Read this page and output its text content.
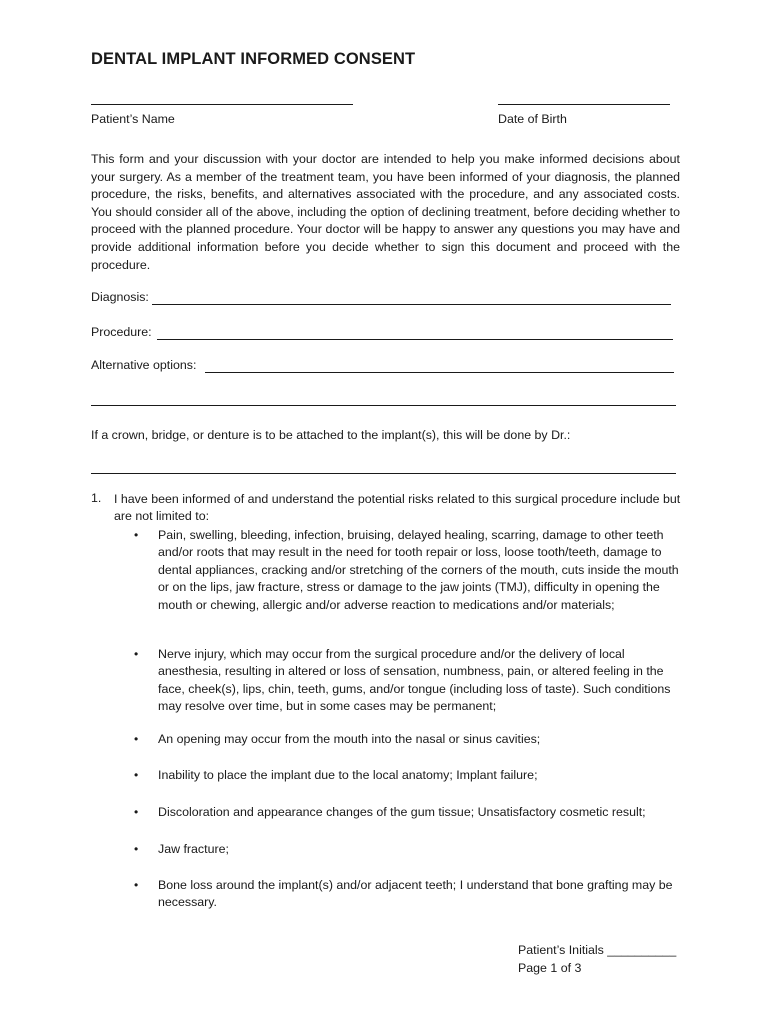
DENTAL IMPLANT INFORMED CONSENT
Patient’s Name	Date of Birth

This form and your discussion with your doctor are intended to help you make informed decisions about your surgery. As a member of the treatment team, you have been informed of your diagnosis, the planned procedure, the risks, benefits, and alternatives associated with the procedure, and any associated costs. You should consider all of the above, including the option of declining treatment, before deciding whether to proceed with the planned procedure. Your doctor will be happy to answer any questions you may have and provide additional information before you decide whether to sign this document and proceed with the procedure.

Diagnosis:
Procedure:
Alternative options:
If a crown, bridge, or denture is to be attached to the implant(s), this will be done by Dr.:
1. I have been informed of and understand the potential risks related to this surgical procedure include but are not limited to:

• Pain, swelling, bleeding, infection, bruising, delayed healing, scarring, damage to other teeth and/or roots that may result in the need for tooth repair or loss, loose tooth/teeth, damage to dental appliances, cracking and/or stretching of the corners of the mouth, cuts inside the mouth or on the lips, jaw fracture, stress or damage to the jaw joints (TMJ), difficulty in opening the mouth or chewing, allergic and/or adverse reaction to medications and/or materials;

• Nerve injury, which may occur from the surgical procedure and/or the delivery of local anesthesia, resulting in altered or loss of sensation, numbness, pain, or altered feeling in the face, cheek(s), lips, chin, teeth, gums, and/or tongue (including loss of taste). Such conditions may resolve over time, but in some cases may be permanent;

• An opening may occur from the mouth into the nasal or sinus cavities;

• Inability to place the implant due to the local anatomy; Implant failure;

• Discoloration and appearance changes of the gum tissue; Unsatisfactory cosmetic result;

• Jaw fracture;

• Bone loss around the implant(s) and/or adjacent teeth; I understand that bone grafting may be necessary.

Patient’s Initials __________
Page 1 of 3
